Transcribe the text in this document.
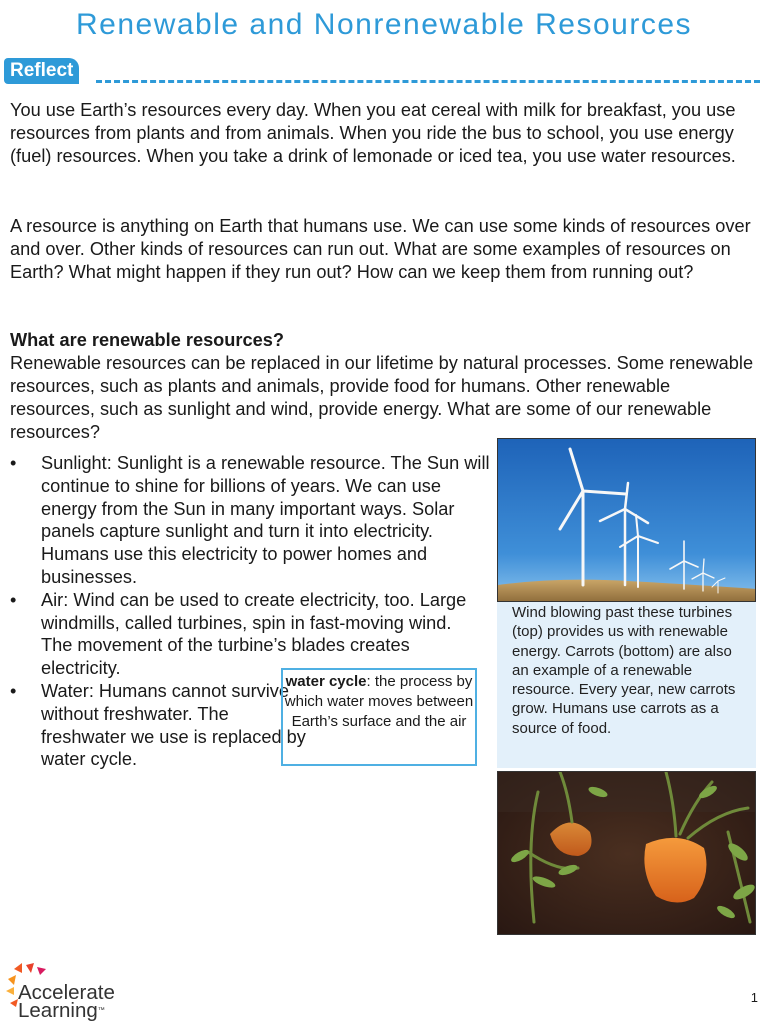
Renewable and Nonrenewable Resources
Reflect

You use Earth’s resources every day. When you eat cereal with milk for breakfast, you use resources from plants and from animals. When you ride the bus to school, you use energy (fuel) resources. When you take a drink of lemonade or iced tea, you use water resources.

A resource is anything on Earth that humans use. We can use some kinds of resources over and over. Other kinds of resources can run out. What are some examples of resources on Earth? What might happen if they run out? How can we keep them from running out?

What are renewable resources?
Renewable resources can be replaced in our lifetime by natural processes. Some renewable resources, such as plants and animals, provide food for humans. Other renewable resources, such as sunlight and wind, provide energy. What are some of our renewable resources?

• Sunlight: Sunlight is a renewable resource. The Sun will continue to shine for billions of years. We can use energy from the Sun in many important ways. Solar panels capture sunlight and turn it into electricity. Humans use this electricity to power homes and businesses.
• Air: Wind can be used to create electricity, too. Large windmills, called turbines, spin in fast-moving wind. The movement of the turbine’s blades creates electricity.
• Water: Humans cannot survive without freshwater. The freshwater we use is replaced by water cycle.
water cycle: the process by which water moves between Earth’s surface and the air
Wind blowing past these turbines (top) provides us with renewable energy. Carrots (bottom) are also an example of a renewable resource. Every year, new carrots grow. Humans use carrots as a source of food.
Accelerate
Learning™
1
